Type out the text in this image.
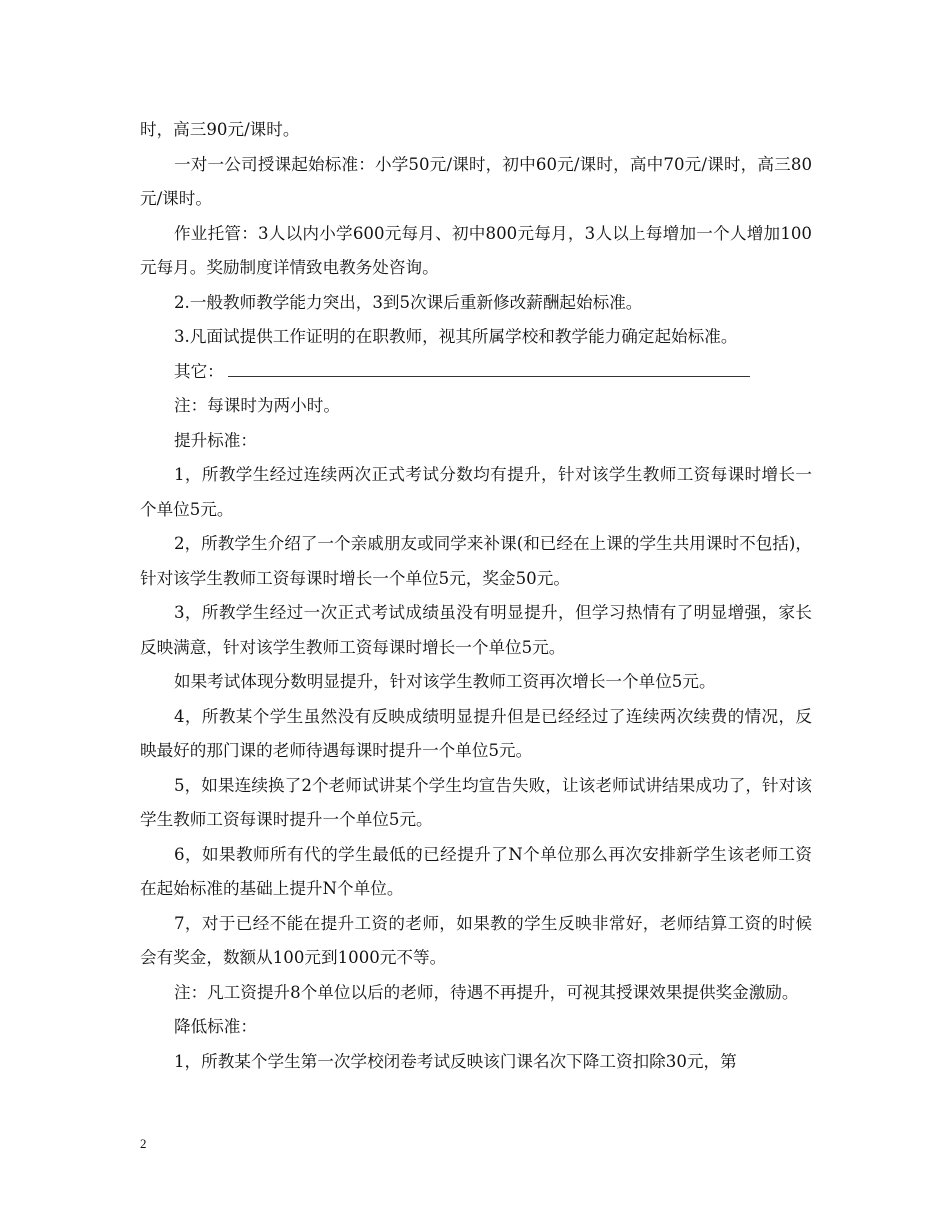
时，高三90元/课时。

一对一公司授课起始标准：小学50元/课时，初中60元/课时，高中70元/课时，高三80元/课时。

作业托管：3人以内小学600元每月、初中800元每月，3人以上每增加一个人增加100元每月。奖励制度详情致电教务处咨询。

2.一般教师教学能力突出，3到5次课后重新修改薪酬起始标准。

3.凡面试提供工作证明的在职教师，视其所属学校和教学能力确定起始标准。

其它：

注：每课时为两小时。

提升标准：

1，所教学生经过连续两次正式考试分数均有提升，针对该学生教师工资每课时增长一个单位5元。

2，所教学生介绍了一个亲戚朋友或同学来补课(和已经在上课的学生共用课时不包括)，针对该学生教师工资每课时增长一个单位5元，奖金50元。

3，所教学生经过一次正式考试成绩虽没有明显提升，但学习热情有了明显增强，家长反映满意，针对该学生教师工资每课时增长一个单位5元。

如果考试体现分数明显提升，针对该学生教师工资再次增长一个单位5元。

4，所教某个学生虽然没有反映成绩明显提升但是已经经过了连续两次续费的情况，反映最好的那门课的老师待遇每课时提升一个单位5元。

5，如果连续换了2个老师试讲某个学生均宣告失败，让该老师试讲结果成功了，针对该学生教师工资每课时提升一个单位5元。

6，如果教师所有代的学生最低的已经提升了N个单位那么再次安排新学生该老师工资在起始标准的基础上提升N个单位。

7，对于已经不能在提升工资的老师，如果教的学生反映非常好，老师结算工资的时候会有奖金，数额从100元到1000元不等。

注：凡工资提升8个单位以后的老师，待遇不再提升，可视其授课效果提供奖金激励。

降低标准：

1，所教某个学生第一次学校闭卷考试反映该门课名次下降工资扣除30元，第

2
